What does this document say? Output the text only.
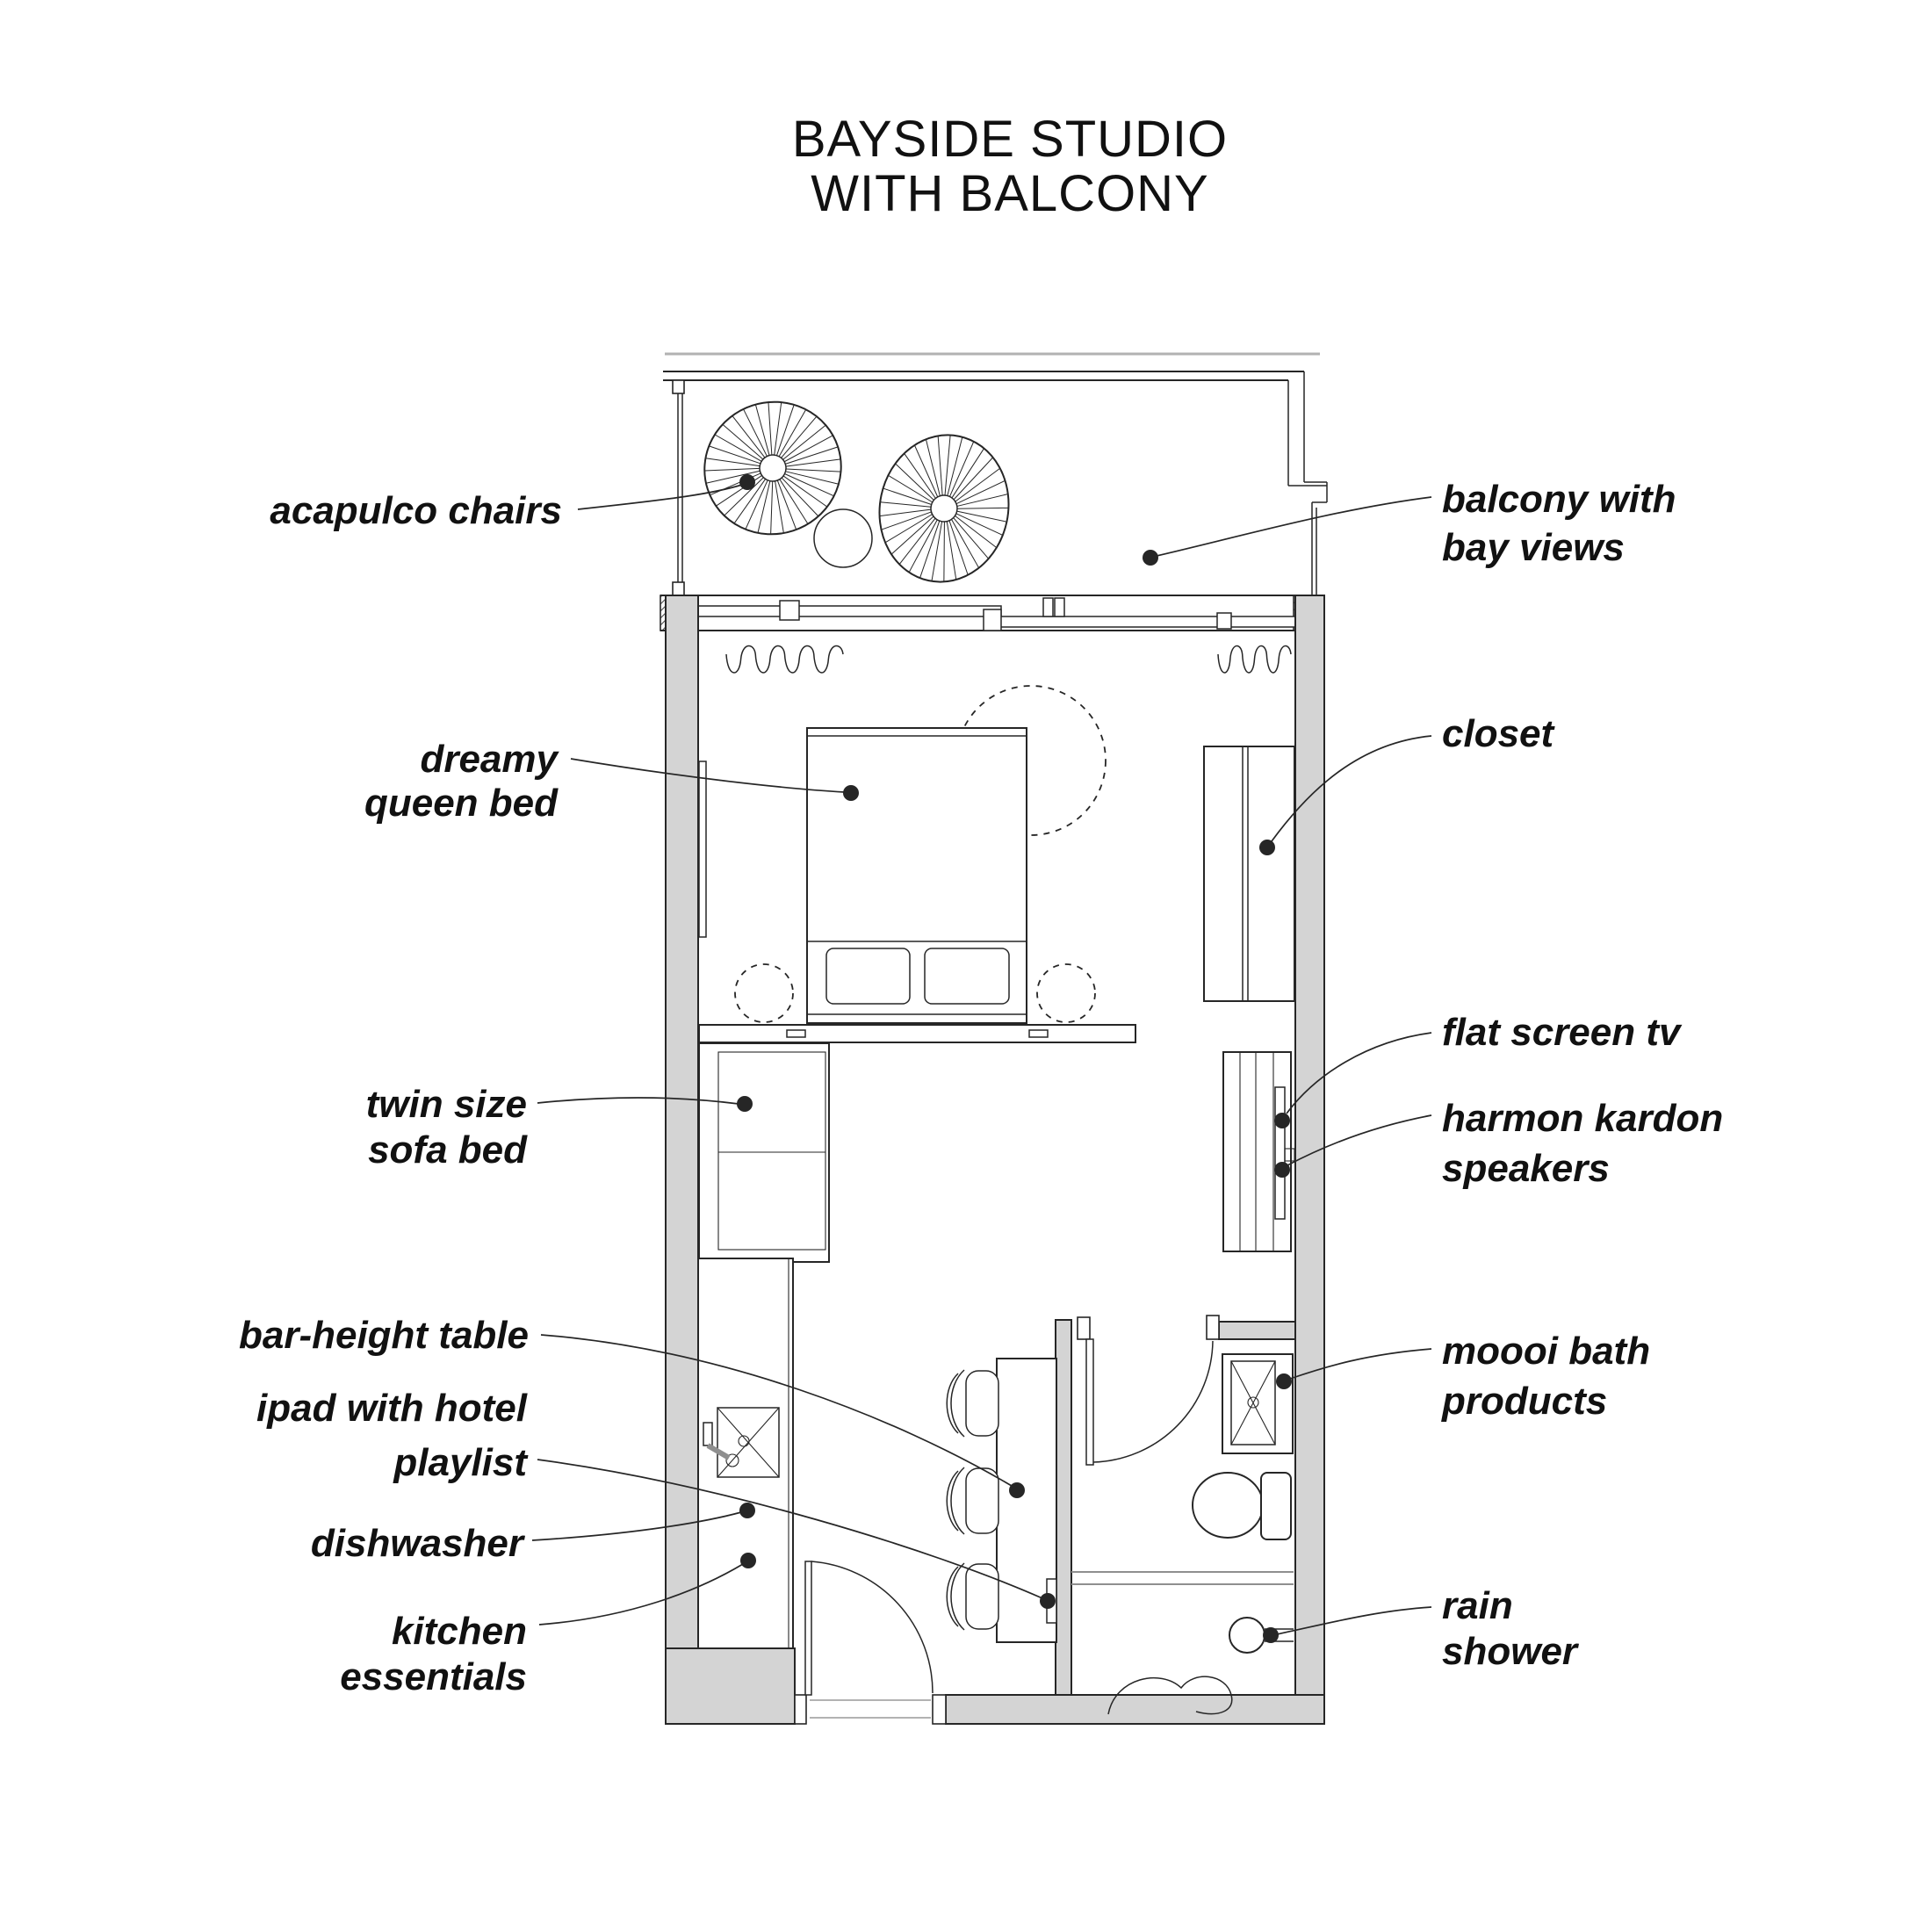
BAYSIDE STUDIO
WITH BALCONY
acapulco chairs
dreamy
queen bed
twin size
sofa bed
bar-height table
ipad with hotel
playlist
dishwasher
kitchen
essentials
balcony with
bay views
closet
flat screen tv
harmon kardon
speakers
moooi bath
products
rain
shower
